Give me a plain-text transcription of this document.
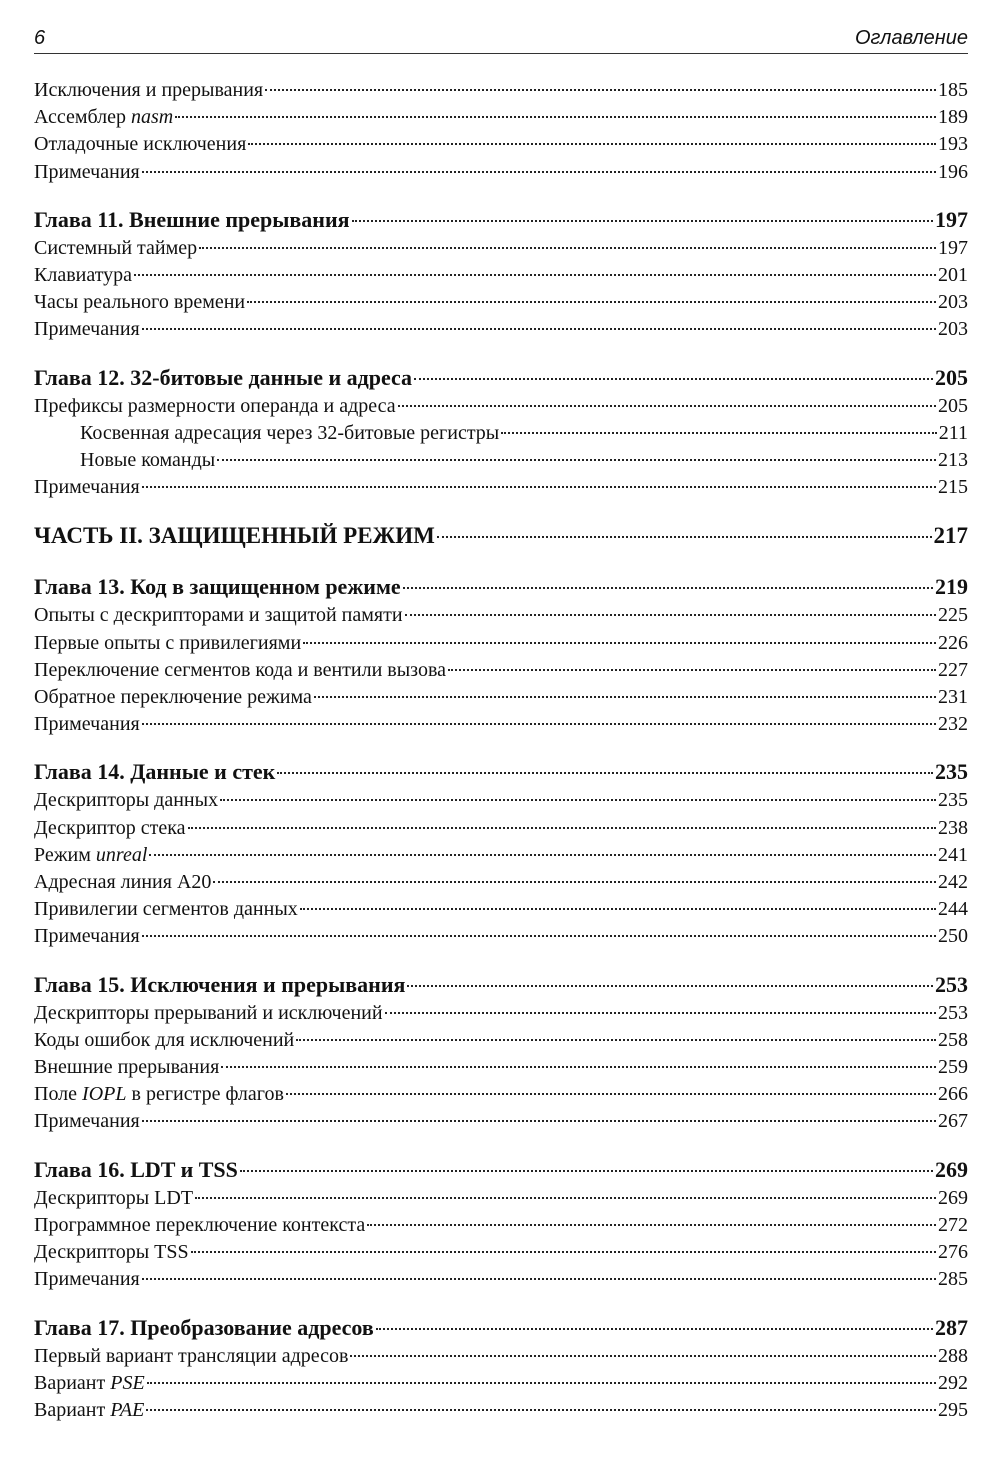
6	Оглавление
Исключения и прерывания	185
Ассемблер nasm	189
Отладочные исключения	193
Примечания	196
Глава 11. Внешние прерывания	197
Системный таймер	197
Клавиатура	201
Часы реального времени	203
Примечания	203
Глава 12. 32-битовые данные и адреса	205
Префиксы размерности операнда и адреса	205
Косвенная адресация через 32-битовые регистры	211
Новые команды	213
Примечания	215
ЧАСТЬ II. ЗАЩИЩЕННЫЙ РЕЖИМ	217
Глава 13. Код в защищенном режиме	219
Опыты с дескрипторами и защитой памяти	225
Первые опыты с привилегиями	226
Переключение сегментов кода и вентили вызова	227
Обратное переключение режима	231
Примечания	232
Глава 14. Данные и стек	235
Дескрипторы данных	235
Дескриптор стека	238
Режим unreal	241
Адресная линия A20	242
Привилегии сегментов данных	244
Примечания	250
Глава 15. Исключения и прерывания	253
Дескрипторы прерываний и исключений	253
Коды ошибок для исключений	258
Внешние прерывания	259
Поле IOPL в регистре флагов	266
Примечания	267
Глава 16. LDT и TSS	269
Дескрипторы LDT	269
Программное переключение контекста	272
Дескрипторы TSS	276
Примечания	285
Глава 17. Преобразование адресов	287
Первый вариант трансляции адресов	288
Вариант PSE	292
Вариант PAE	295
